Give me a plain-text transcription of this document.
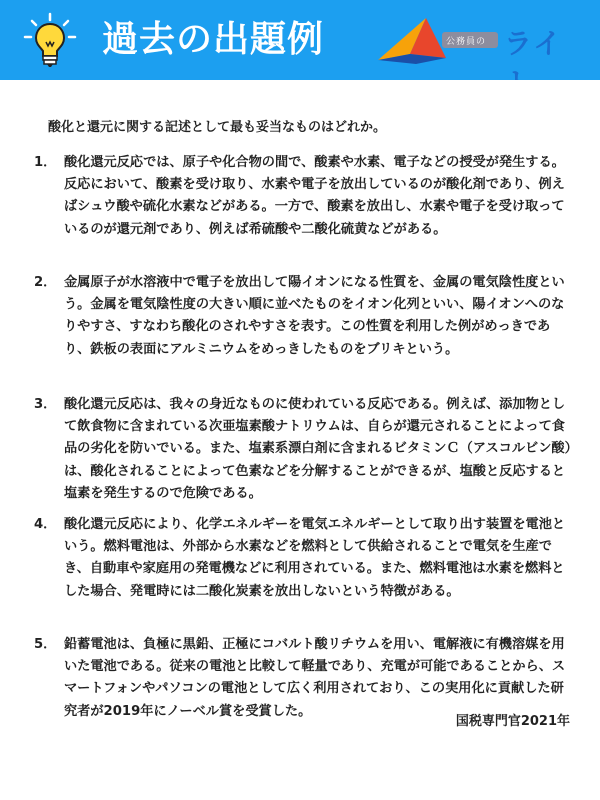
過去の出題例	公務員の ライ
酸化と還元に関する記述として最も妥当なものはどれか。
1． 酸化還元反応では、原子や化合物の間で、酸素や水素、電子などの授受が発生する。反応において、酸素を受け取り、水素や電子を放出しているのが酸化剤であり、例えばシュウ酸や硫化水素などがある。一方で、酸素を放出し、水素や電子を受け取っているのが還元剤であり、例えば希硫酸や二酸化硫黄などがある。
2． 金属原子が水溶液中で電子を放出して陽イオンになる性質を、金属の電気陰性度という。金属を電気陰性度の大きい順に並べたものをイオン化列といい、陽イオンへのなりやすさ、すなわち酸化のされやすさを表す。この性質を利用した例がめっきであり、鉄板の表面にアルミニウムをめっきしたものをブリキという。
3． 酸化還元反応は、我々の身近なものに使われている反応である。例えば、添加物として飲食物に含まれている次亜塩素酸ナトリウムは、自らが還元されることによって食品の劣化を防いでいる。また、塩素系漂白剤に含まれるビタミンＣ（アスコルビン酸）は、酸化されることによって色素などを分解することができるが、塩酸と反応すると塩素を発生するので危険である。
4． 酸化還元反応により、化学エネルギーを電気エネルギーとして取り出す装置を電池という。燃料電池は、外部から水素などを燃料として供給されることで電気を生産でき、自動車や家庭用の発電機などに利用されている。また、燃料電池は水素を燃料とした場合、発電時には二酸化炭素を放出しないという特徴がある。
5． 鉛蓄電池は、負極に黒鉛、正極にコバルト酸リチウムを用い、電解液に有機溶媒を用いた電池である。従来の電池と比較して軽量であり、充電が可能であることから、スマートフォンやパソコンの電池として広く利用されており、この実用化に貢献した研究者が2019年にノーベル賞を受賞した。
国税専門官2021年
